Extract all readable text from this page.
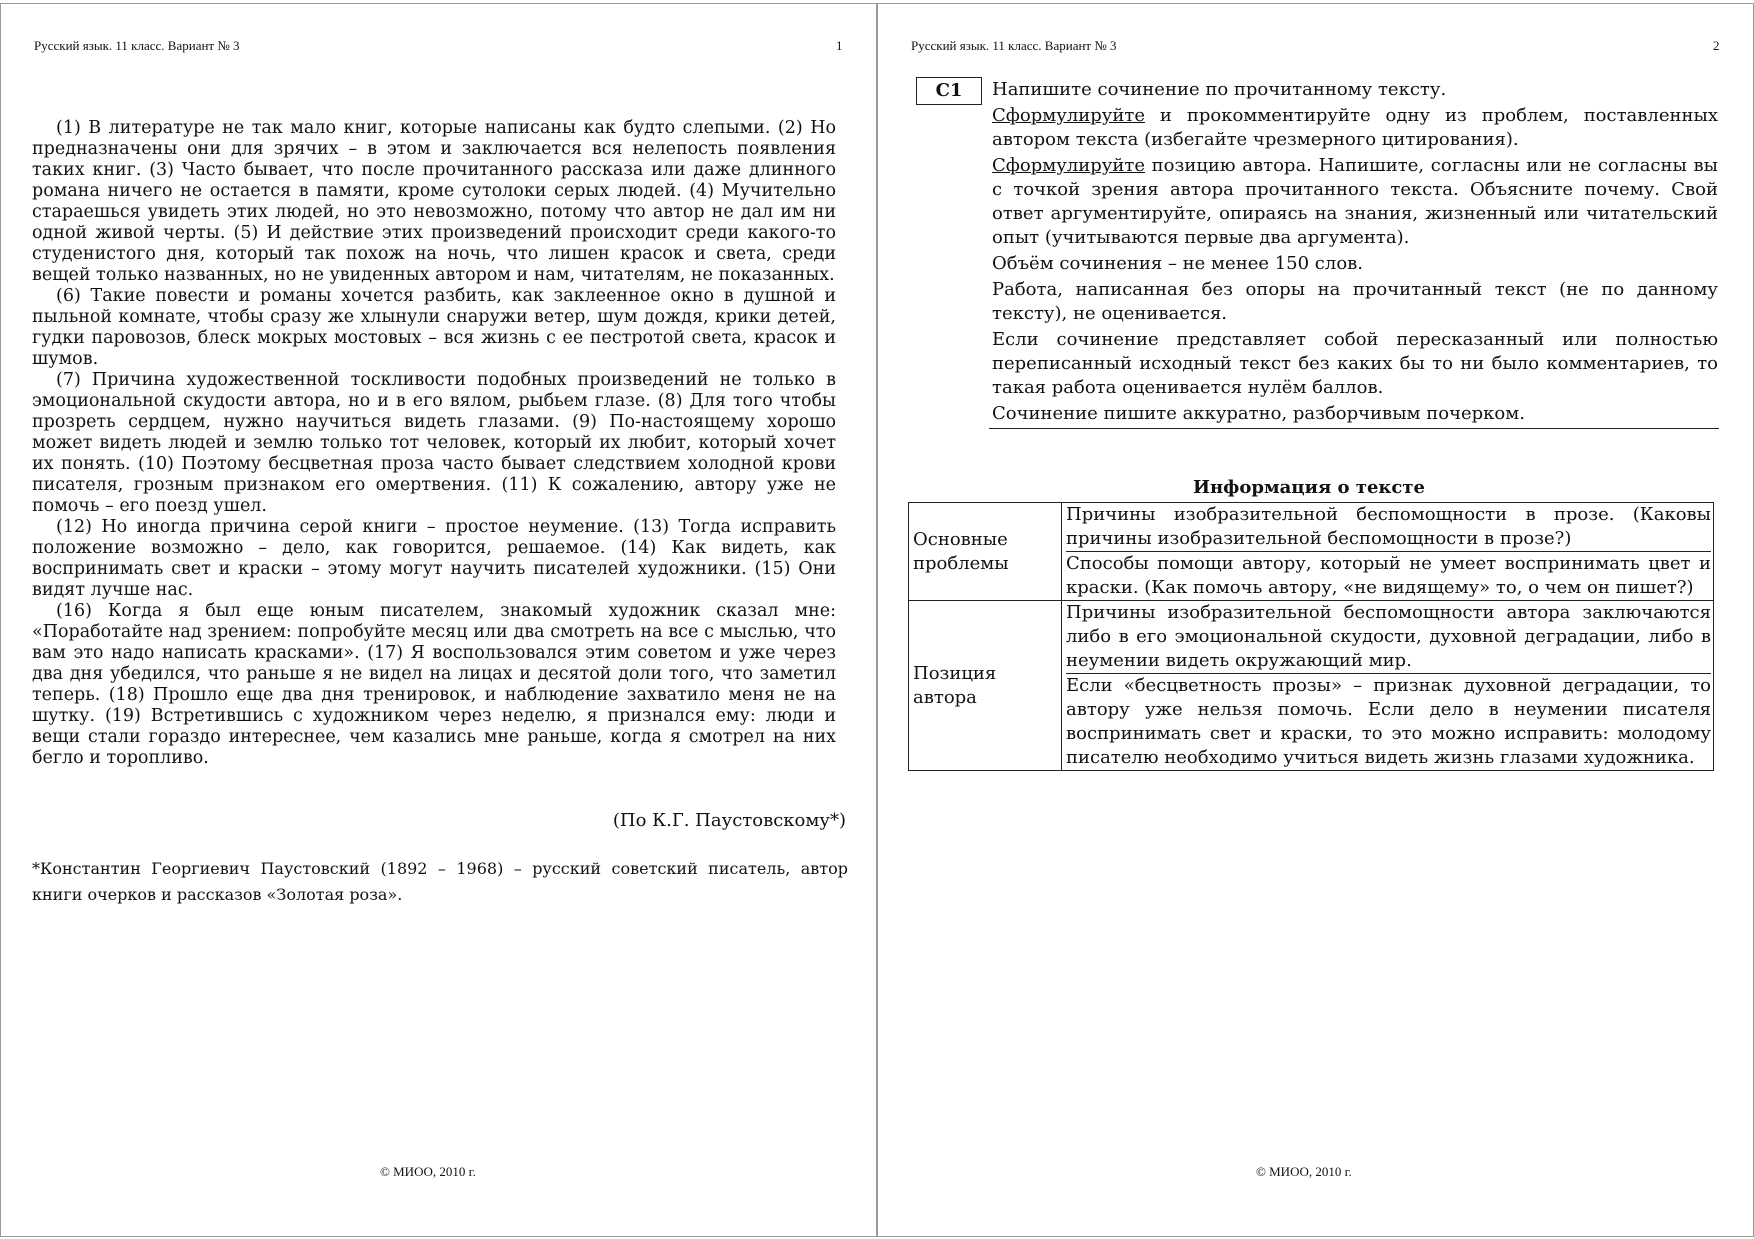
Русский язык. 11 класс. Вариант № 3	1

(1) В литературе не так мало книг, которые написаны как будто слепыми. (2) Но предназначены они для зрячих – в этом и заключается вся нелепость появления таких книг. (3) Часто бывает, что после прочитанного рассказа или даже длинного романа ничего не остается в памяти, кроме сутолоки серых людей. (4) Мучительно стараешься увидеть этих людей, но это невозможно, потому что автор не дал им ни одной живой черты. (5) И действие этих произведений происходит среди какого-то студенистого дня, который так похож на ночь, что лишен красок и света, среди вещей только названных, но не увиденных автором и нам, читателям, не показанных.

(6) Такие повести и романы хочется разбить, как заклеенное окно в душной и пыльной комнате, чтобы сразу же хлынули снаружи ветер, шум дождя, крики детей, гудки паровозов, блеск мокрых мостовых – вся жизнь с ее пестротой света, красок и шумов.

(7) Причина художественной тоскливости подобных произведений не только в эмоциональной скудости автора, но и в его вялом, рыбьем глазе. (8) Для того чтобы прозреть сердцем, нужно научиться видеть глазами. (9) По-настоящему хорошо может видеть людей и землю только тот человек, который их любит, который хочет их понять. (10) Поэтому бесцветная проза часто бывает следствием холодной крови писателя, грозным признаком его омертвения. (11) К сожалению, автору уже не помочь – его поезд ушел.

(12) Но иногда причина серой книги – простое неумение. (13) Тогда исправить положение возможно – дело, как говорится, решаемое. (14) Как видеть, как воспринимать свет и краски – этому могут научить писателей художники. (15) Они видят лучше нас.

(16) Когда я был еще юным писателем, знакомый художник сказал мне: «Поработайте над зрением: попробуйте месяц или два смотреть на все с мыслью, что вам это надо написать красками». (17) Я воспользовался этим советом и уже через два дня убедился, что раньше я не видел на лицах и десятой доли того, что заметил теперь. (18) Прошло еще два дня тренировок, и наблюдение захватило меня не на шутку. (19) Встретившись с художником через неделю, я признался ему: люди и вещи стали гораздо интереснее, чем казались мне раньше, когда я смотрел на них бегло и торопливо.

(По К.Г. Паустовскому*)
*Константин Георгиевич Паустовский (1892 – 1968) – русский советский писатель, автор книги очерков и рассказов «Золотая роза».
© МИОО, 2010 г.
Русский язык. 11 класс. Вариант № 3	2
С1	Напишите сочинение по прочитанному тексту.

Сформулируйте и прокомментируйте одну из проблем, поставленных автором текста (избегайте чрезмерного цитирования).

Сформулируйте позицию автора. Напишите, согласны или не согласны вы с точкой зрения автора прочитанного текста. Объясните почему. Свой ответ аргументируйте, опираясь на знания, жизненный или читательский опыт (учитываются первые два аргумента).

Объём сочинения – не менее 150 слов.

Работа, написанная без опоры на прочитанный текст (не по данному тексту), не оценивается.

Если сочинение представляет собой пересказанный или полностью переписанный исходный текст без каких бы то ни было комментариев, то такая работа оценивается нулём баллов.

Сочинение пишите аккуратно, разборчивым почерком.

Информация о тексте
Основные проблемы	Причины изобразительной беспомощности в прозе. (Каковы причины изобразительной беспомощности в прозе?)

Способы помощи автору, который не умеет воспринимать цвет и краски. (Как помочь автору, «не видящему» то, о чем он пишет?)

Позиция автора	Причины изобразительной беспомощности автора заключаются либо в его эмоциональной скудости, духовной деградации, либо в неумении видеть окружающий мир.

Если «бесцветность прозы» – признак духовной деградации, то автору уже нельзя помочь. Если дело в неумении писателя воспринимать свет и краски, то это можно исправить: молодому писателю необходимо учиться видеть жизнь глазами художника.

© МИОО, 2010 г.
